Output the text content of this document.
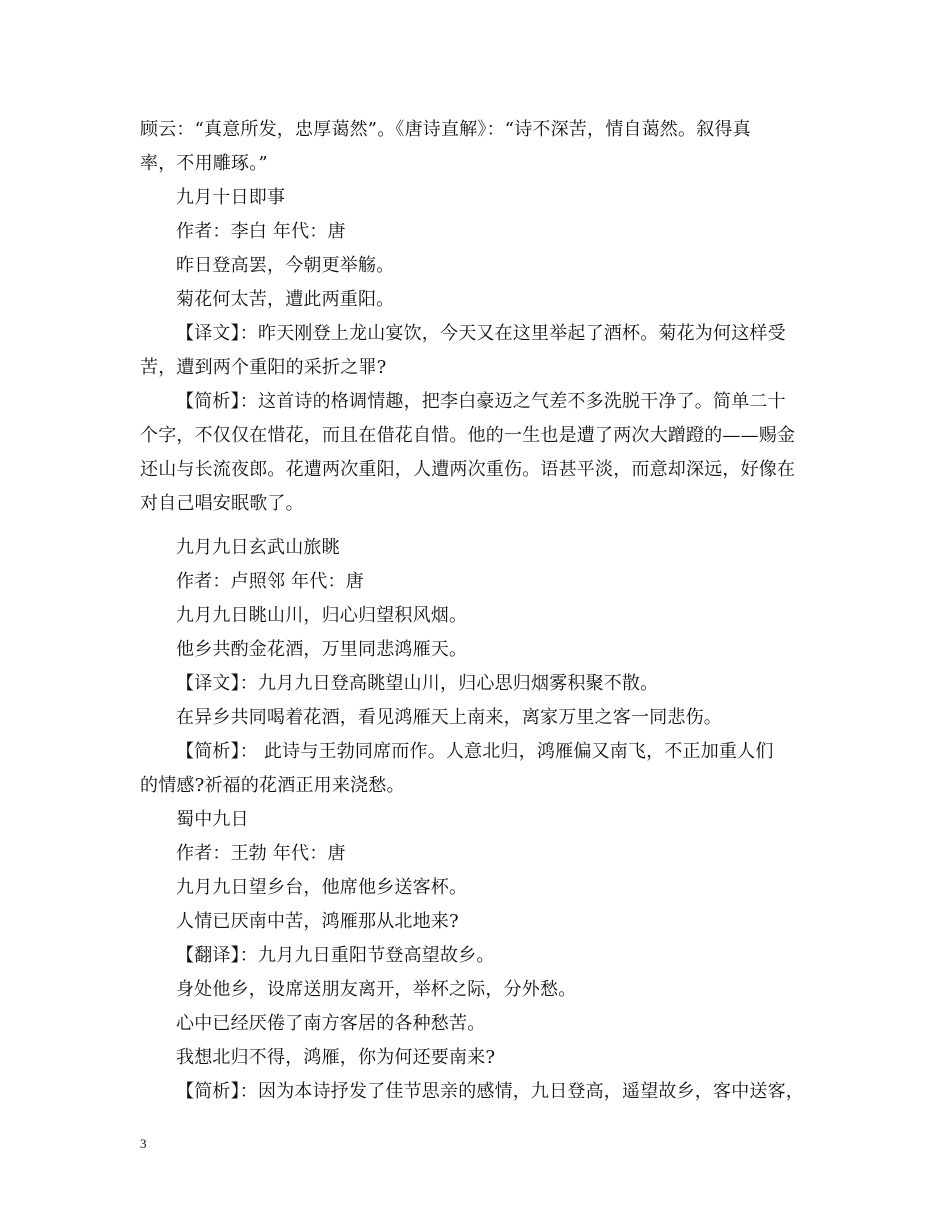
顾云：“真意所发，忠厚蔼然”。《唐诗直解》：“诗不深苦，情自蔼然。叙得真
率，不用雕琢。”
九月十日即事
作者：李白 年代：唐
昨日登高罢，今朝更举觞。
菊花何太苦，遭此两重阳。
【译文】：昨天刚登上龙山宴饮，今天又在这里举起了酒杯。菊花为何这样受
苦，遭到两个重阳的采折之罪?
【简析】：这首诗的格调情趣，把李白豪迈之气差不多洗脱干净了。简单二十
个字，不仅仅在惜花，而且在借花自惜。他的一生也是遭了两次大蹭蹬的——赐金
还山与长流夜郎。花遭两次重阳，人遭两次重伤。语甚平淡，而意却深远，好像在
对自己唱安眠歌了。
九月九日玄武山旅眺
作者：卢照邻 年代：唐
九月九日眺山川，归心归望积风烟。
他乡共酌金花酒，万里同悲鸿雁天。
【译文】：九月九日登高眺望山川，归心思归烟雾积聚不散。
在异乡共同喝着花酒，看见鸿雁天上南来，离家万里之客一同悲伤。
【简析】： 此诗与王勃同席而作。人意北归，鸿雁偏又南飞，不正加重人们
的情感?祈福的花酒正用来浇愁。
蜀中九日
作者：王勃 年代：唐
九月九日望乡台，他席他乡送客杯。
人情已厌南中苦，鸿雁那从北地来?
【翻译】：九月九日重阳节登高望故乡。
身处他乡，设席送朋友离开，举杯之际，分外愁。
心中已经厌倦了南方客居的各种愁苦。
我想北归不得，鸿雁，你为何还要南来?
【简析】：因为本诗抒发了佳节思亲的感情，九日登高，遥望故乡，客中送客，
3
